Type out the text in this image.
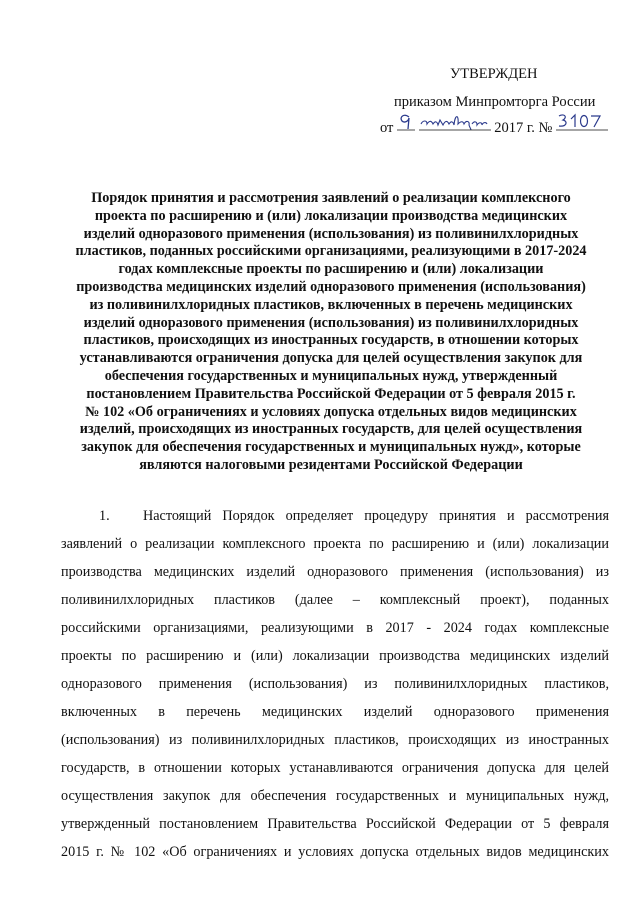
УТВЕРЖДЕН
приказом Минпромторга России
от	2017 г. №
Порядок принятия и рассмотрения заявлений о реализации комплексного
проекта по расширению и (или) локализации производства медицинских
изделий одноразового применения (использования) из поливинилхлоридных
пластиков, поданных российскими организациями, реализующими в 2017-2024
годах комплексные проекты по расширению и (или) локализации
производства медицинских изделий одноразового применения (использования)
из поливинилхлоридных пластиков, включенных в перечень медицинских
изделий одноразового применения (использования) из поливинилхлоридных
пластиков, происходящих из иностранных государств, в отношении которых
устанавливаются ограничения допуска для целей осуществления закупок для
обеспечения государственных и муниципальных нужд, утвержденный
постановлением Правительства Российской Федерации от 5 февраля 2015 г.
№ 102 «Об ограничениях и условиях допуска отдельных видов медицинских
изделий, происходящих из иностранных государств, для целей осуществления
закупок для обеспечения государственных и муниципальных нужд», которые
являются налоговыми резидентами Российской Федерации
1. Настоящий Порядок определяет процедуру принятия и рассмотрения
заявлений о реализации комплексного проекта по расширению и (или) локализации
производства медицинских изделий одноразового применения (использования) из
поливинилхлоридных пластиков (далее – комплексный проект), поданных
российскими организациями, реализующими в 2017 - 2024 годах комплексные
проекты по расширению и (или) локализации производства медицинских изделий
одноразового применения (использования) из поливинилхлоридных пластиков,
включенных в перечень медицинских изделий одноразового применения
(использования) из поливинилхлоридных пластиков, происходящих из иностранных
государств, в отношении которых устанавливаются ограничения допуска для целей
осуществления закупок для обеспечения государственных и муниципальных нужд,
утвержденный постановлением Правительства Российской Федерации от 5 февраля
2015 г. № 102 «Об ограничениях и условиях допуска отдельных видов медицинских
